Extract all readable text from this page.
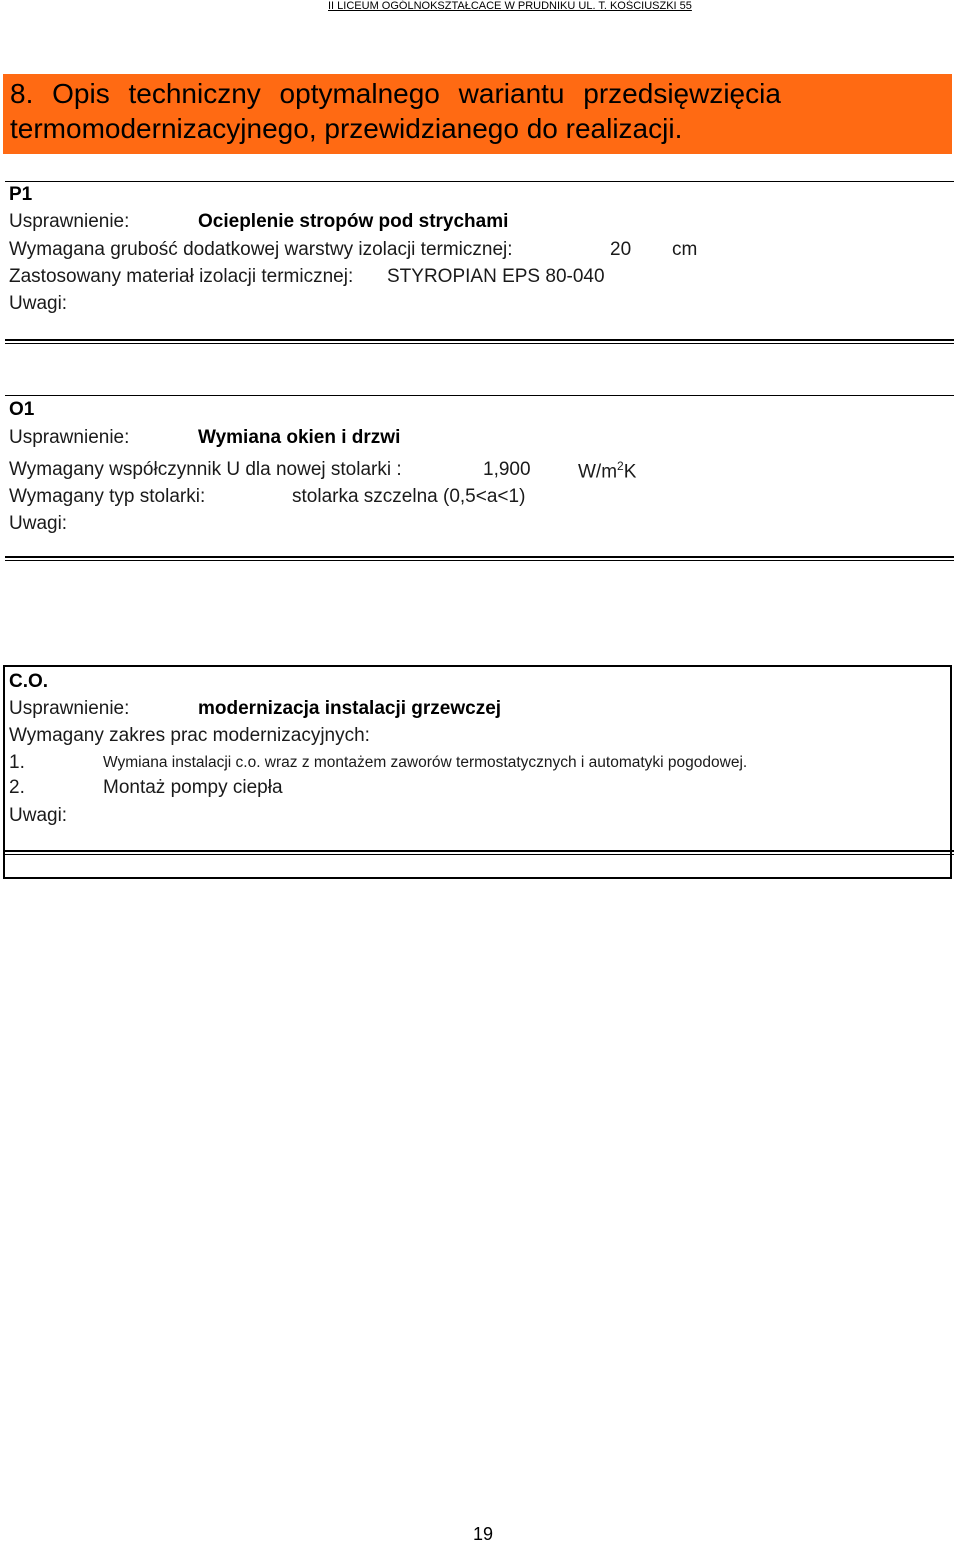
II LICEUM OGÓLNOKSZTAŁCACE W PRUDNIKU UL. T. KOŚCIUSZKI 55
8. Opis techniczny optymalnego wariantu przedsięwzięcia
termomodernizacyjnego, przewidzianego do realizacji.
P1
Usprawnienie:	Ocieplenie stropów pod strychami
Wymagana grubość dodatkowej warstwy izolacji termicznej:	20 cm
Zastosowany materiał izolacji termicznej: STYROPIAN EPS 80-040
Uwagi:
O1
Usprawnienie:	Wymiana okien i drzwi
Wymagany współczynnik U dla nowej stolarki :	1,900 $W/m^2K$
Wymagany typ stolarki:	stolarka szczelna (0,5<a<1)
Uwagi:
C.O.
Usprawnienie:	modernizacja instalacji grzewczej
Wymagany zakres prac modernizacyjnych:
1.	Wymiana instalacji c.o. wraz z montażem zaworów termostatycznych i automatyki pogodowej.
2.	Montaż pompy ciepła
Uwagi:
19
